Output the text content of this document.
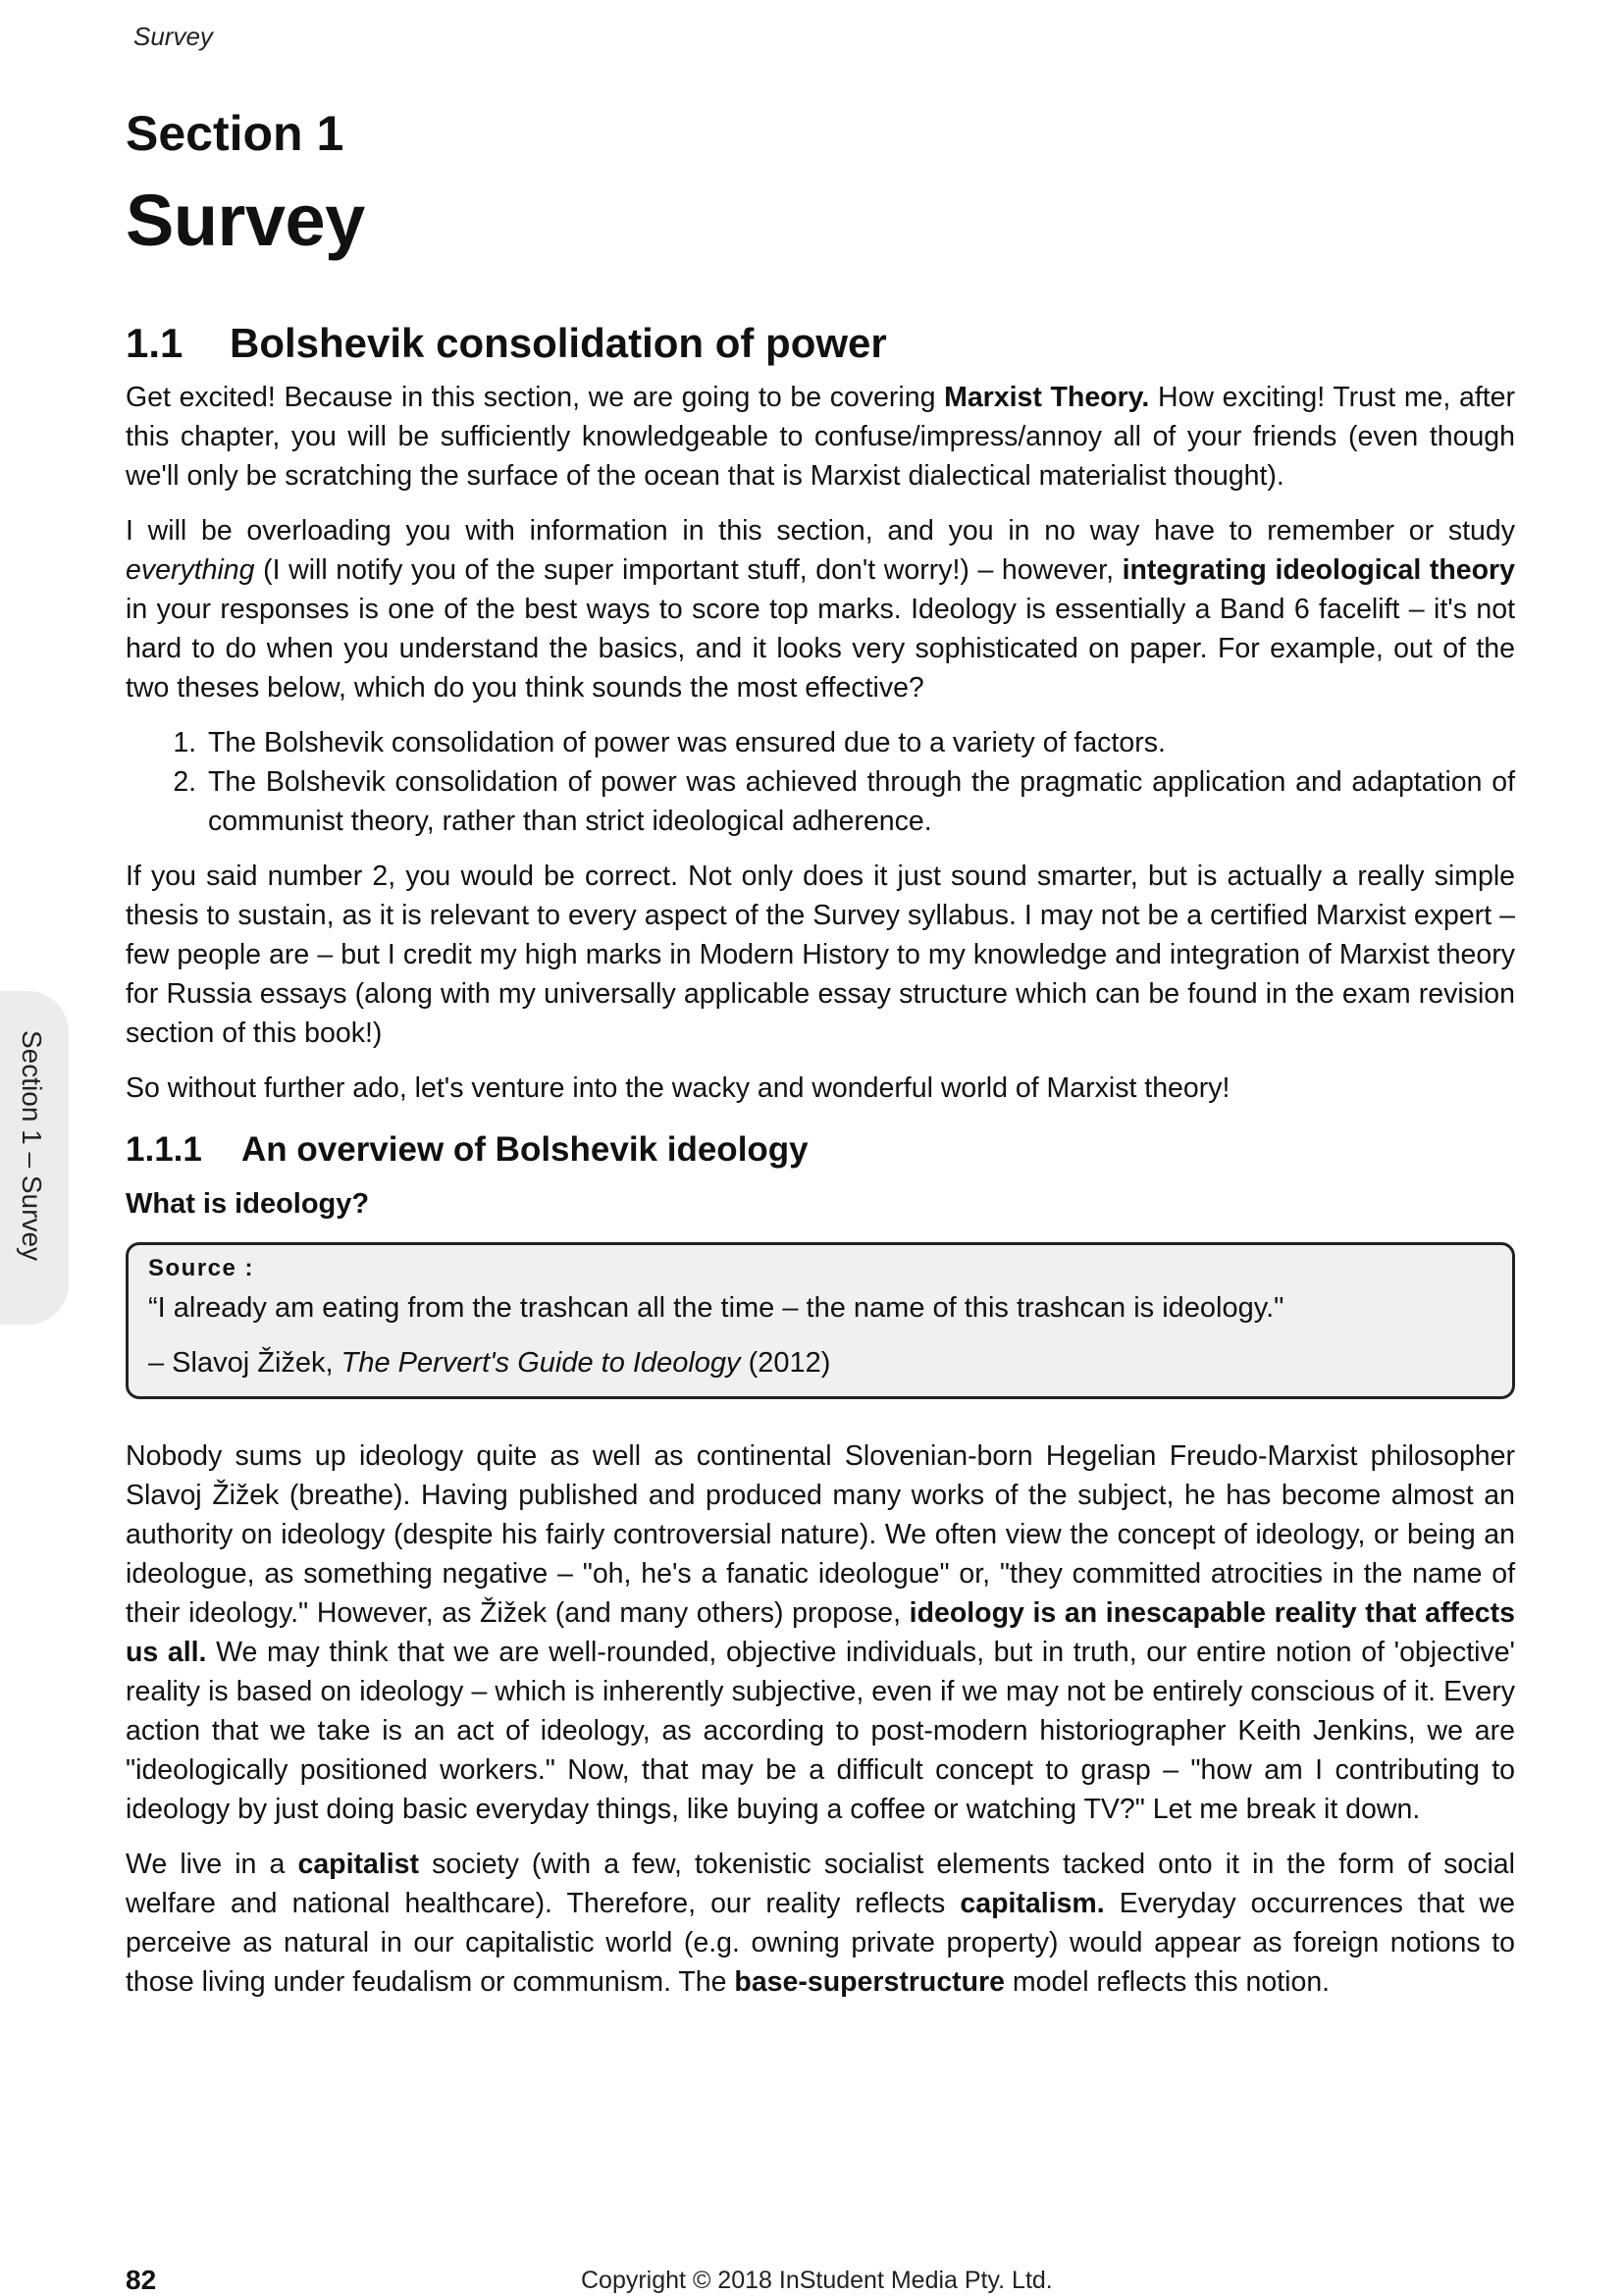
Survey
Section 1 – Survey
Section 1
Survey
1.1 Bolshevik consolidation of power

Get excited! Because in this section, we are going to be covering Marxist Theory. How exciting! Trust me, after this chapter, you will be sufficiently knowledgeable to confuse/impress/annoy all of your friends (even though we'll only be scratching the surface of the ocean that is Marxist dialectical materialist thought).

I will be overloading you with information in this section, and you in no way have to remember or study everything (I will notify you of the super important stuff, don't worry!) – however, integrating ideological theory in your responses is one of the best ways to score top marks. Ideology is essentially a Band 6 facelift – it's not hard to do when you understand the basics, and it looks very sophisticated on paper. For example, out of the two theses below, which do you think sounds the most effective?

1. The Bolshevik consolidation of power was ensured due to a variety of factors.
2. The Bolshevik consolidation of power was achieved through the pragmatic application and adaptation of communist theory, rather than strict ideological adherence.

If you said number 2, you would be correct. Not only does it just sound smarter, but is actually a really simple thesis to sustain, as it is relevant to every aspect of the Survey syllabus. I may not be a certified Marxist expert – few people are – but I credit my high marks in Modern History to my knowledge and integration of Marxist theory for Russia essays (along with my universally applicable essay structure which can be found in the exam revision section of this book!)

So without further ado, let's venture into the wacky and wonderful world of Marxist theory!

1.1.1 An overview of Bolshevik ideology
What is ideology?
Source :
“I already am eating from the trashcan all the time – the name of this trashcan is ideology."
– Slavoj Žižek, The Pervert's Guide to Ideology (2012)

Nobody sums up ideology quite as well as continental Slovenian-born Hegelian Freudo-Marxist philosopher Slavoj Žižek (breathe). Having published and produced many works of the subject, he has become almost an authority on ideology (despite his fairly controversial nature). We often view the concept of ideology, or being an ideologue, as something negative – "oh, he's a fanatic ideologue" or, "they committed atrocities in the name of their ideology." However, as Žižek (and many others) propose, ideology is an inescapable reality that affects us all. We may think that we are well-rounded, objective individuals, but in truth, our entire notion of 'objective' reality is based on ideology – which is inherently subjective, even if we may not be entirely conscious of it. Every action that we take is an act of ideology, as according to post-modern historiographer Keith Jenkins, we are "ideologically positioned workers." Now, that may be a difficult concept to grasp – "how am I contributing to ideology by just doing basic everyday things, like buying a coffee or watching TV?" Let me break it down.

We live in a capitalist society (with a few, tokenistic socialist elements tacked onto it in the form of social welfare and national healthcare). Therefore, our reality reflects capitalism. Everyday occurrences that we perceive as natural in our capitalistic world (e.g. owning private property) would appear as foreign notions to those living under feudalism or communism. The base-superstructure model reflects this notion.

82	Copyright © 2018 InStudent Media Pty. Ltd.
